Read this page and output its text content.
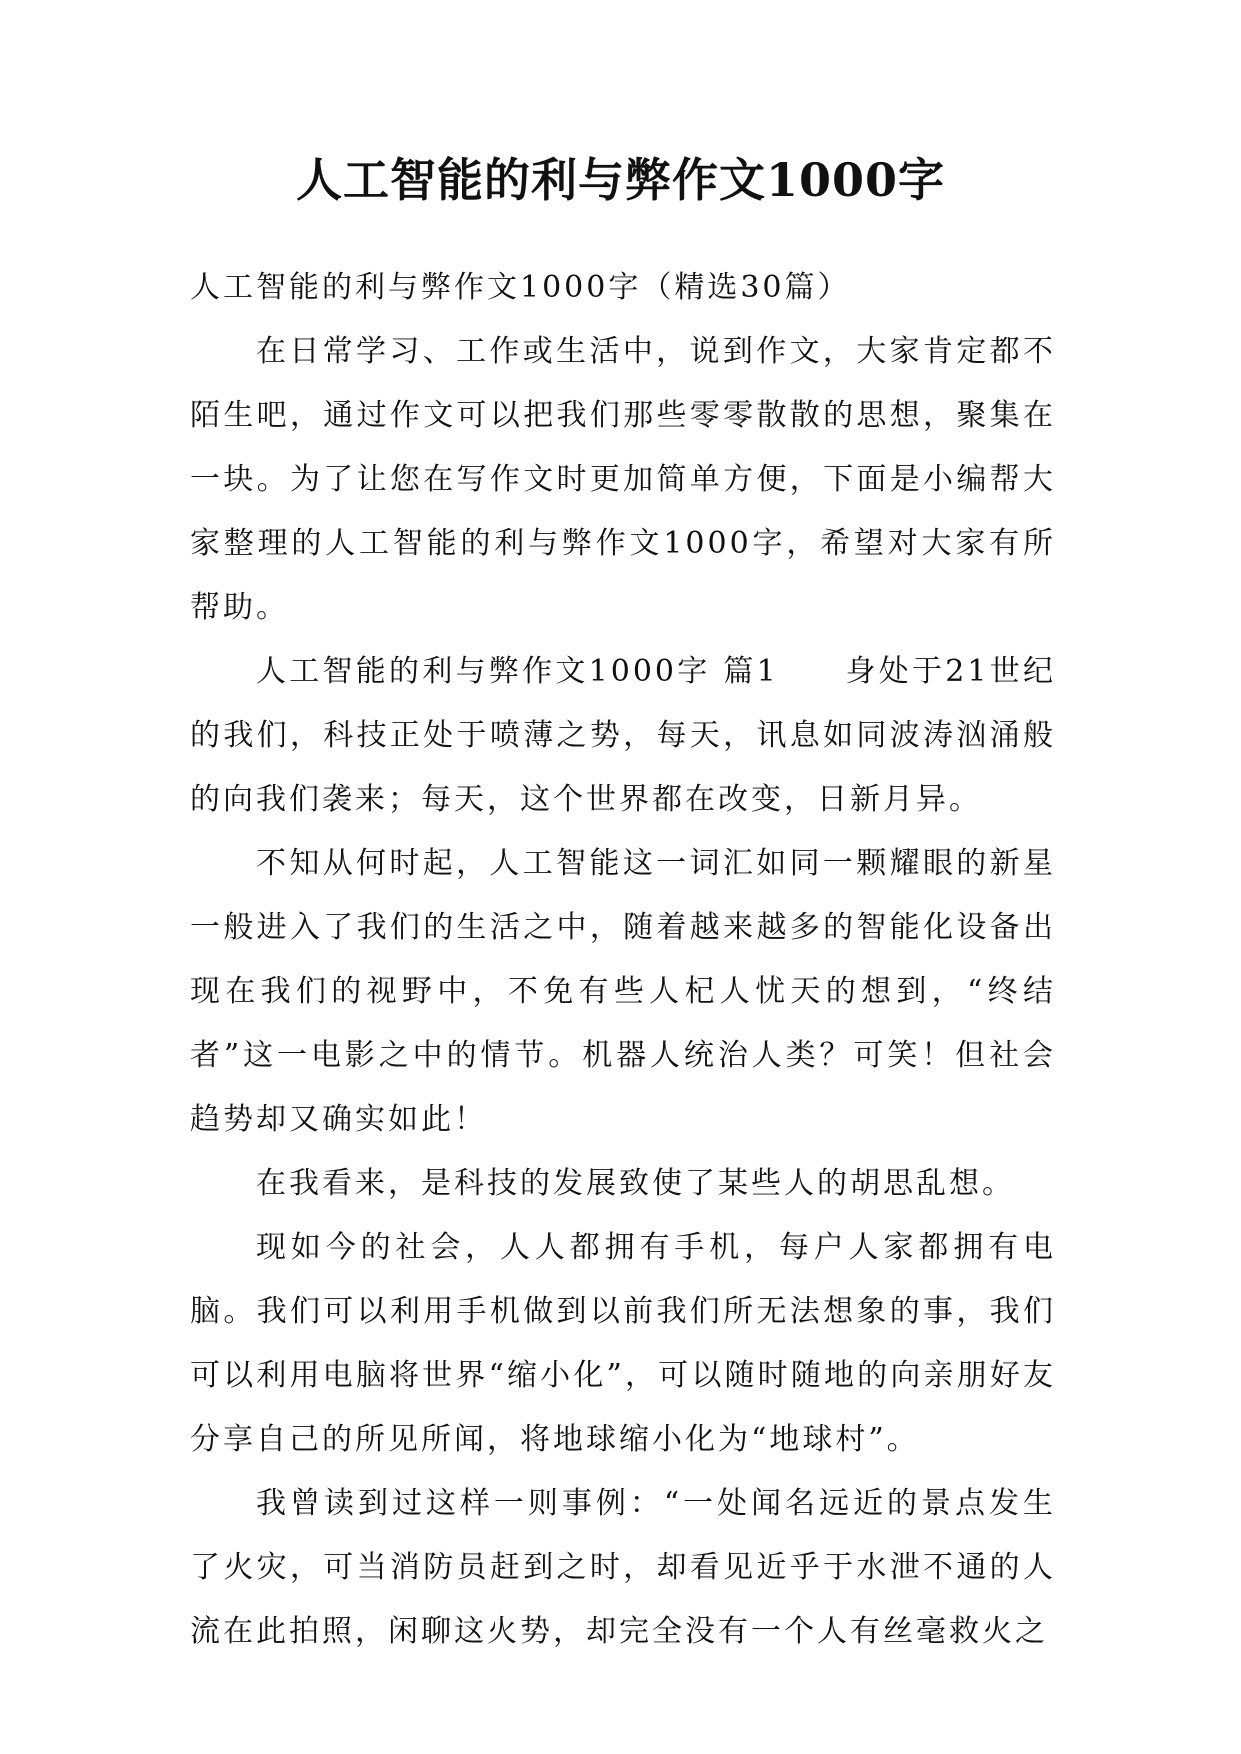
人工智能的利与弊作文1000字

人工智能的利与弊作文1000字（精选30篇）

在日常学习、工作或生活中，说到作文，大家肯定都不陌生吧，通过作文可以把我们那些零零散散的思想，聚集在一块。为了让您在写作文时更加简单方便，下面是小编帮大家整理的人工智能的利与弊作文1000字，希望对大家有所帮助。

人工智能的利与弊作文1000字 篇1　　身处于21世纪的我们，科技正处于喷薄之势，每天，讯息如同波涛汹涌般的向我们袭来；每天，这个世界都在改变，日新月异。

不知从何时起，人工智能这一词汇如同一颗耀眼的新星一般进入了我们的生活之中，随着越来越多的智能化设备出现在我们的视野中，不免有些人杞人忧天的想到，“终结者”这一电影之中的情节。机器人统治人类？可笑！但社会趋势却又确实如此！

在我看来，是科技的发展致使了某些人的胡思乱想。

现如今的社会，人人都拥有手机，每户人家都拥有电脑。我们可以利用手机做到以前我们所无法想象的事，我们可以利用电脑将世界“缩小化”，可以随时随地的向亲朋好友分享自己的所见所闻，将地球缩小化为“地球村”。

我曾读到过这样一则事例：“一处闻名远近的景点发生了火灾，可当消防员赶到之时，却看见近乎于水泄不通的人流在此拍照，闲聊这火势，却完全没有一个人有丝毫救火之
